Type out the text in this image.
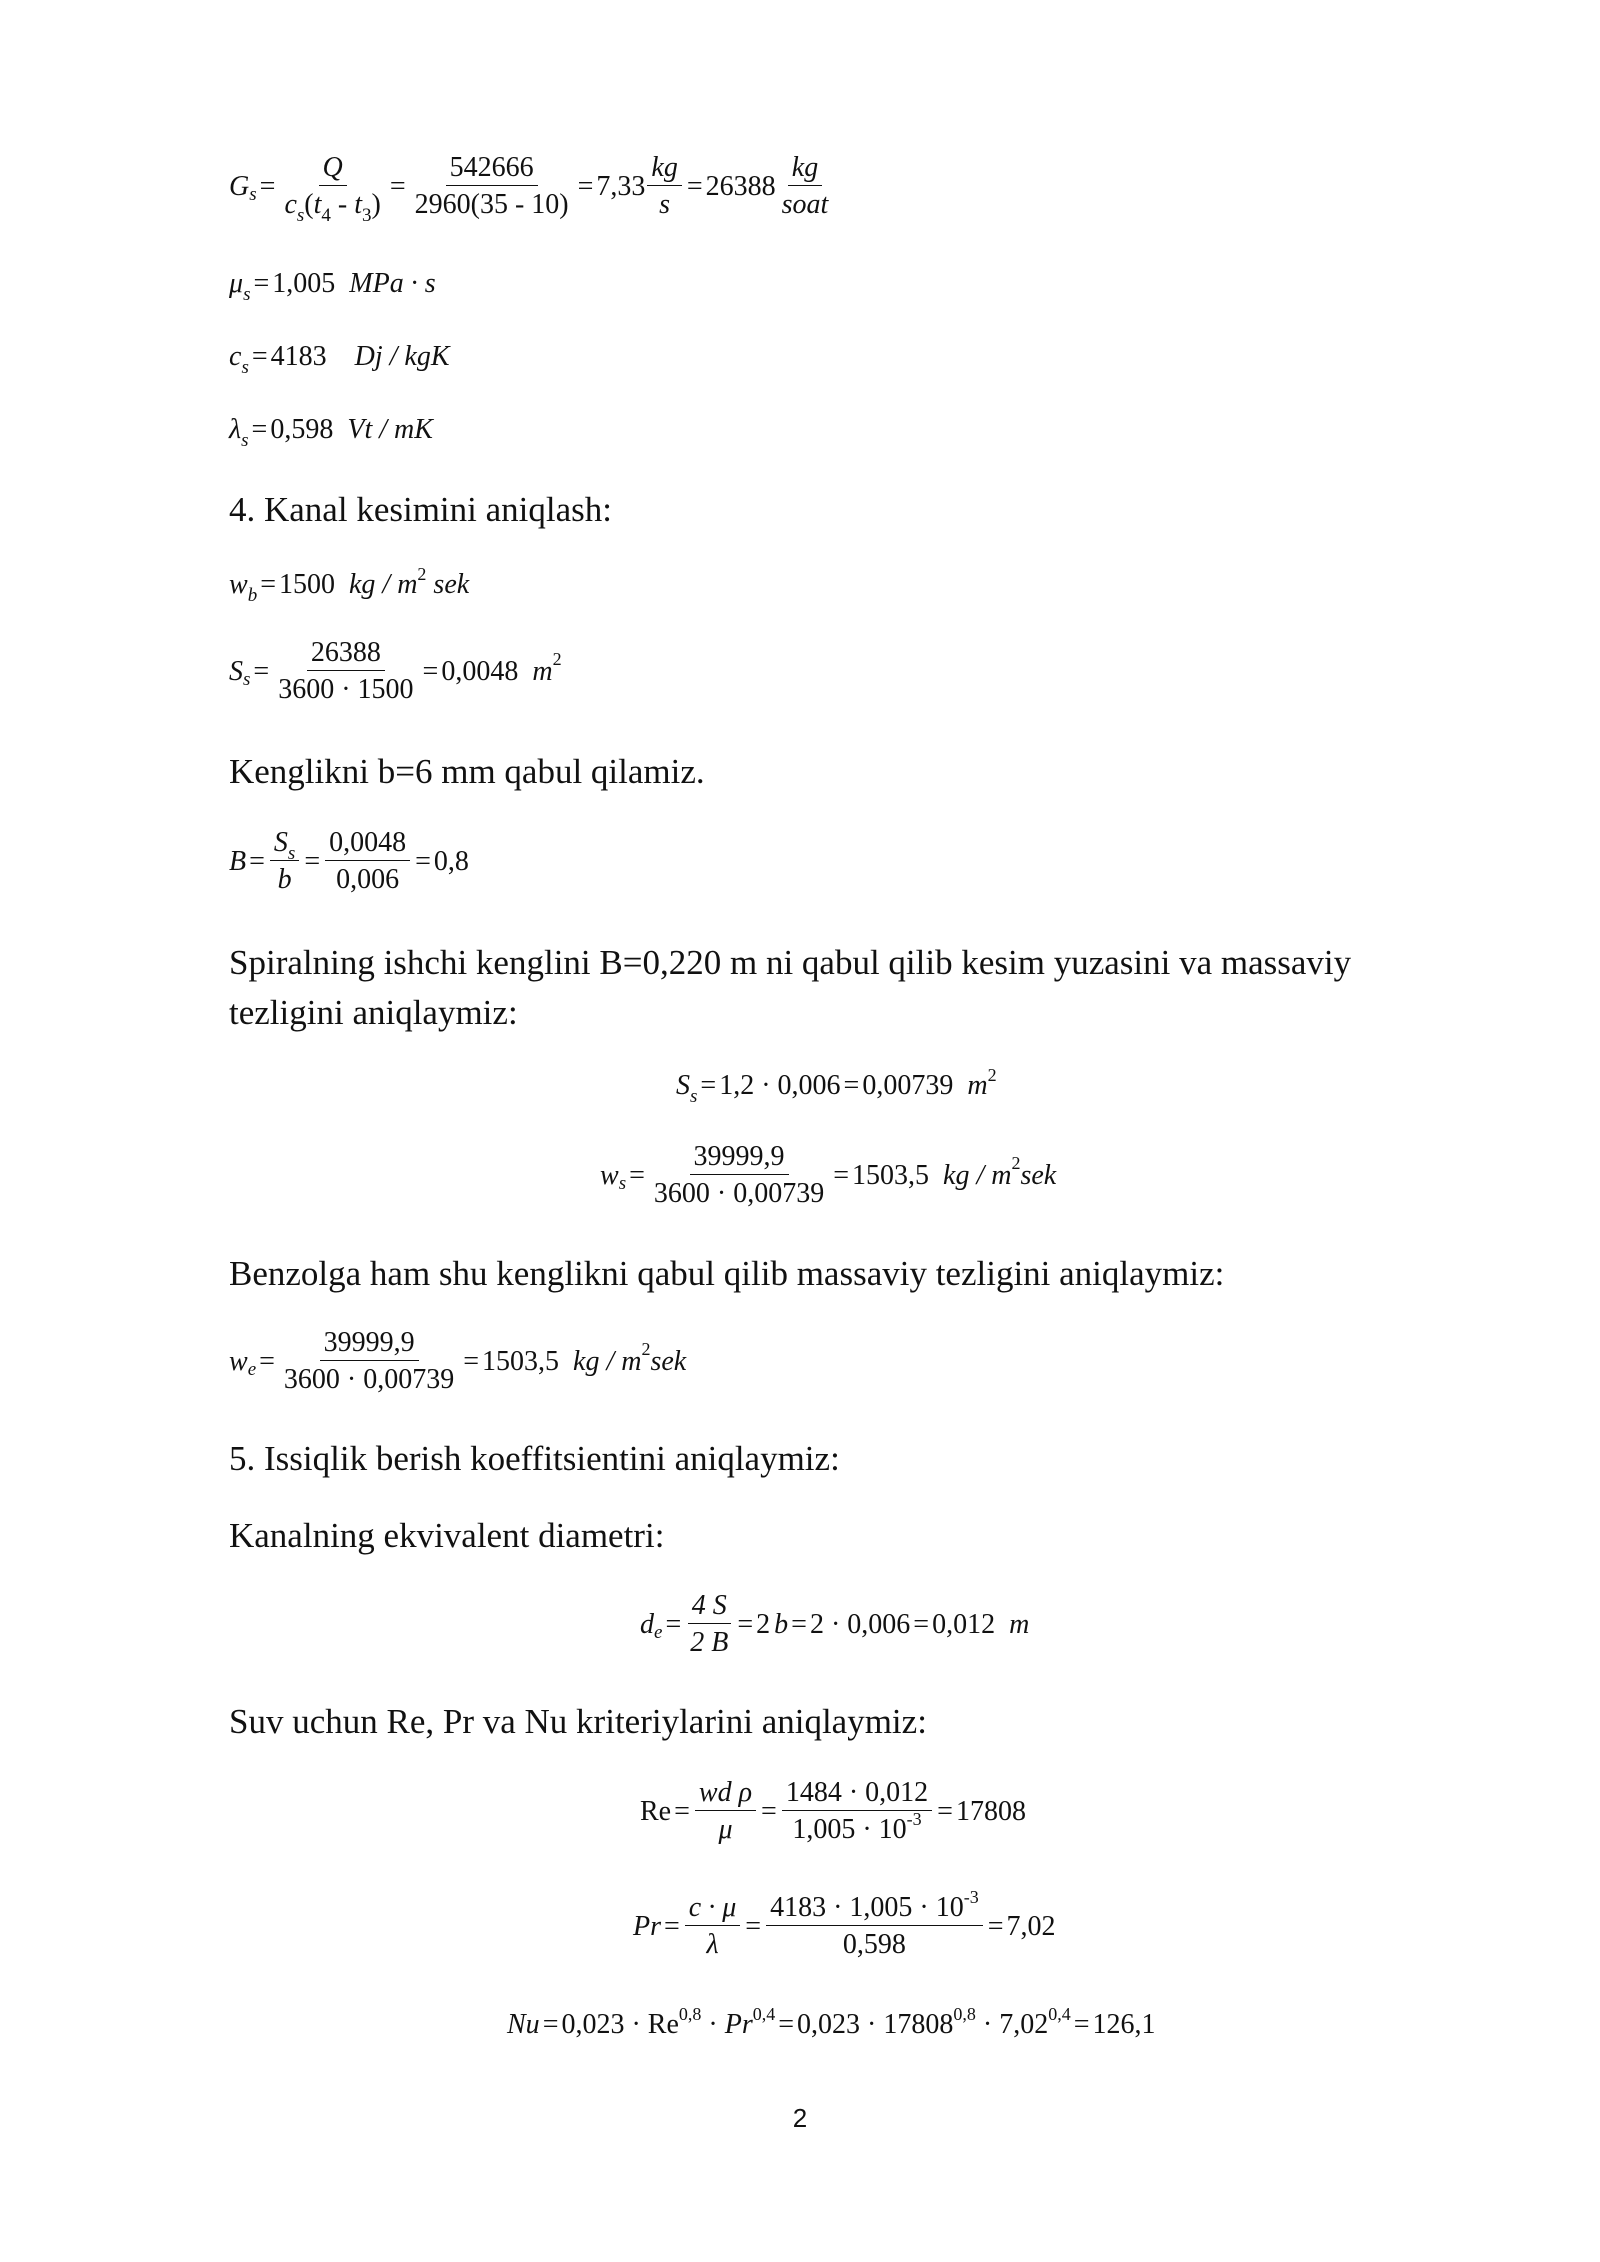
G $s = \frac{Q}{c_s(t_4 - t_3)} = \frac{542666}{2960(35 - 10)} = 7,33 \frac{kg}{s} = 26388$
kg
soat
$\mu_s = 1,005$ MPa · s
$c_s = 4183$ Dj / kgK
$\lambda_s = 0,598$ Vt / mK
4. Kanal kesimini aniqlash:
$w_b = 1500$ kg / $m^2$ sek
S $s = \frac{26388}{3600 \cdot 1500} = 0,0048$ m 2
Kenglikni b=6 mm qabul qilamiz.
$B = \frac{S_s}{b} = \frac{0,0048}{0,006} = 0,8$
Spiralning ishchi kenglini B=0,220 m ni qabul qilib kesim yuzasini va massaviy tezligini aniqlaymiz:
$S_s = 1,2 \cdot 0,006 = 0,00739$ $m^2$
w $s = \frac{39999,9}{3600 \cdot 0,00739} = 1503,5$ kg / m 2 sek
Benzolga ham shu kenglikni qabul qilib massaviy tezligini aniqlaymiz:
w $e = \frac{39999,9}{3600 \cdot 0,00739} = 1503,5$ kg / m 2 sek
5. Issiqlik berish koeffitsientini aniqlaymiz:
Kanalning ekvivalent diametri:
d $e = \frac{4 S}{2 B} = 2$ b = 2 · 0,006 = 0,012 m
Suv uchun Re, Pr va Nu kriteriylarini aniqlaymiz:
$Re = \frac{\text{wd ρ}}{\mu} = \frac{1484 \cdot 0,012}{1,005 \cdot 10^{-3}} = 17808$
$Pr = \frac{c \cdot \mu}{\lambda} = \frac{4183 \cdot 1,005 \cdot 10^{-3}}{0,598} = 7,02$
$Nu = 0,023 \cdot Re^{0,8} \cdot Pr^{0,4} = 0,023 \cdot 17808^{0,8} \cdot 7,02^{0,4} = 126,1$
2
